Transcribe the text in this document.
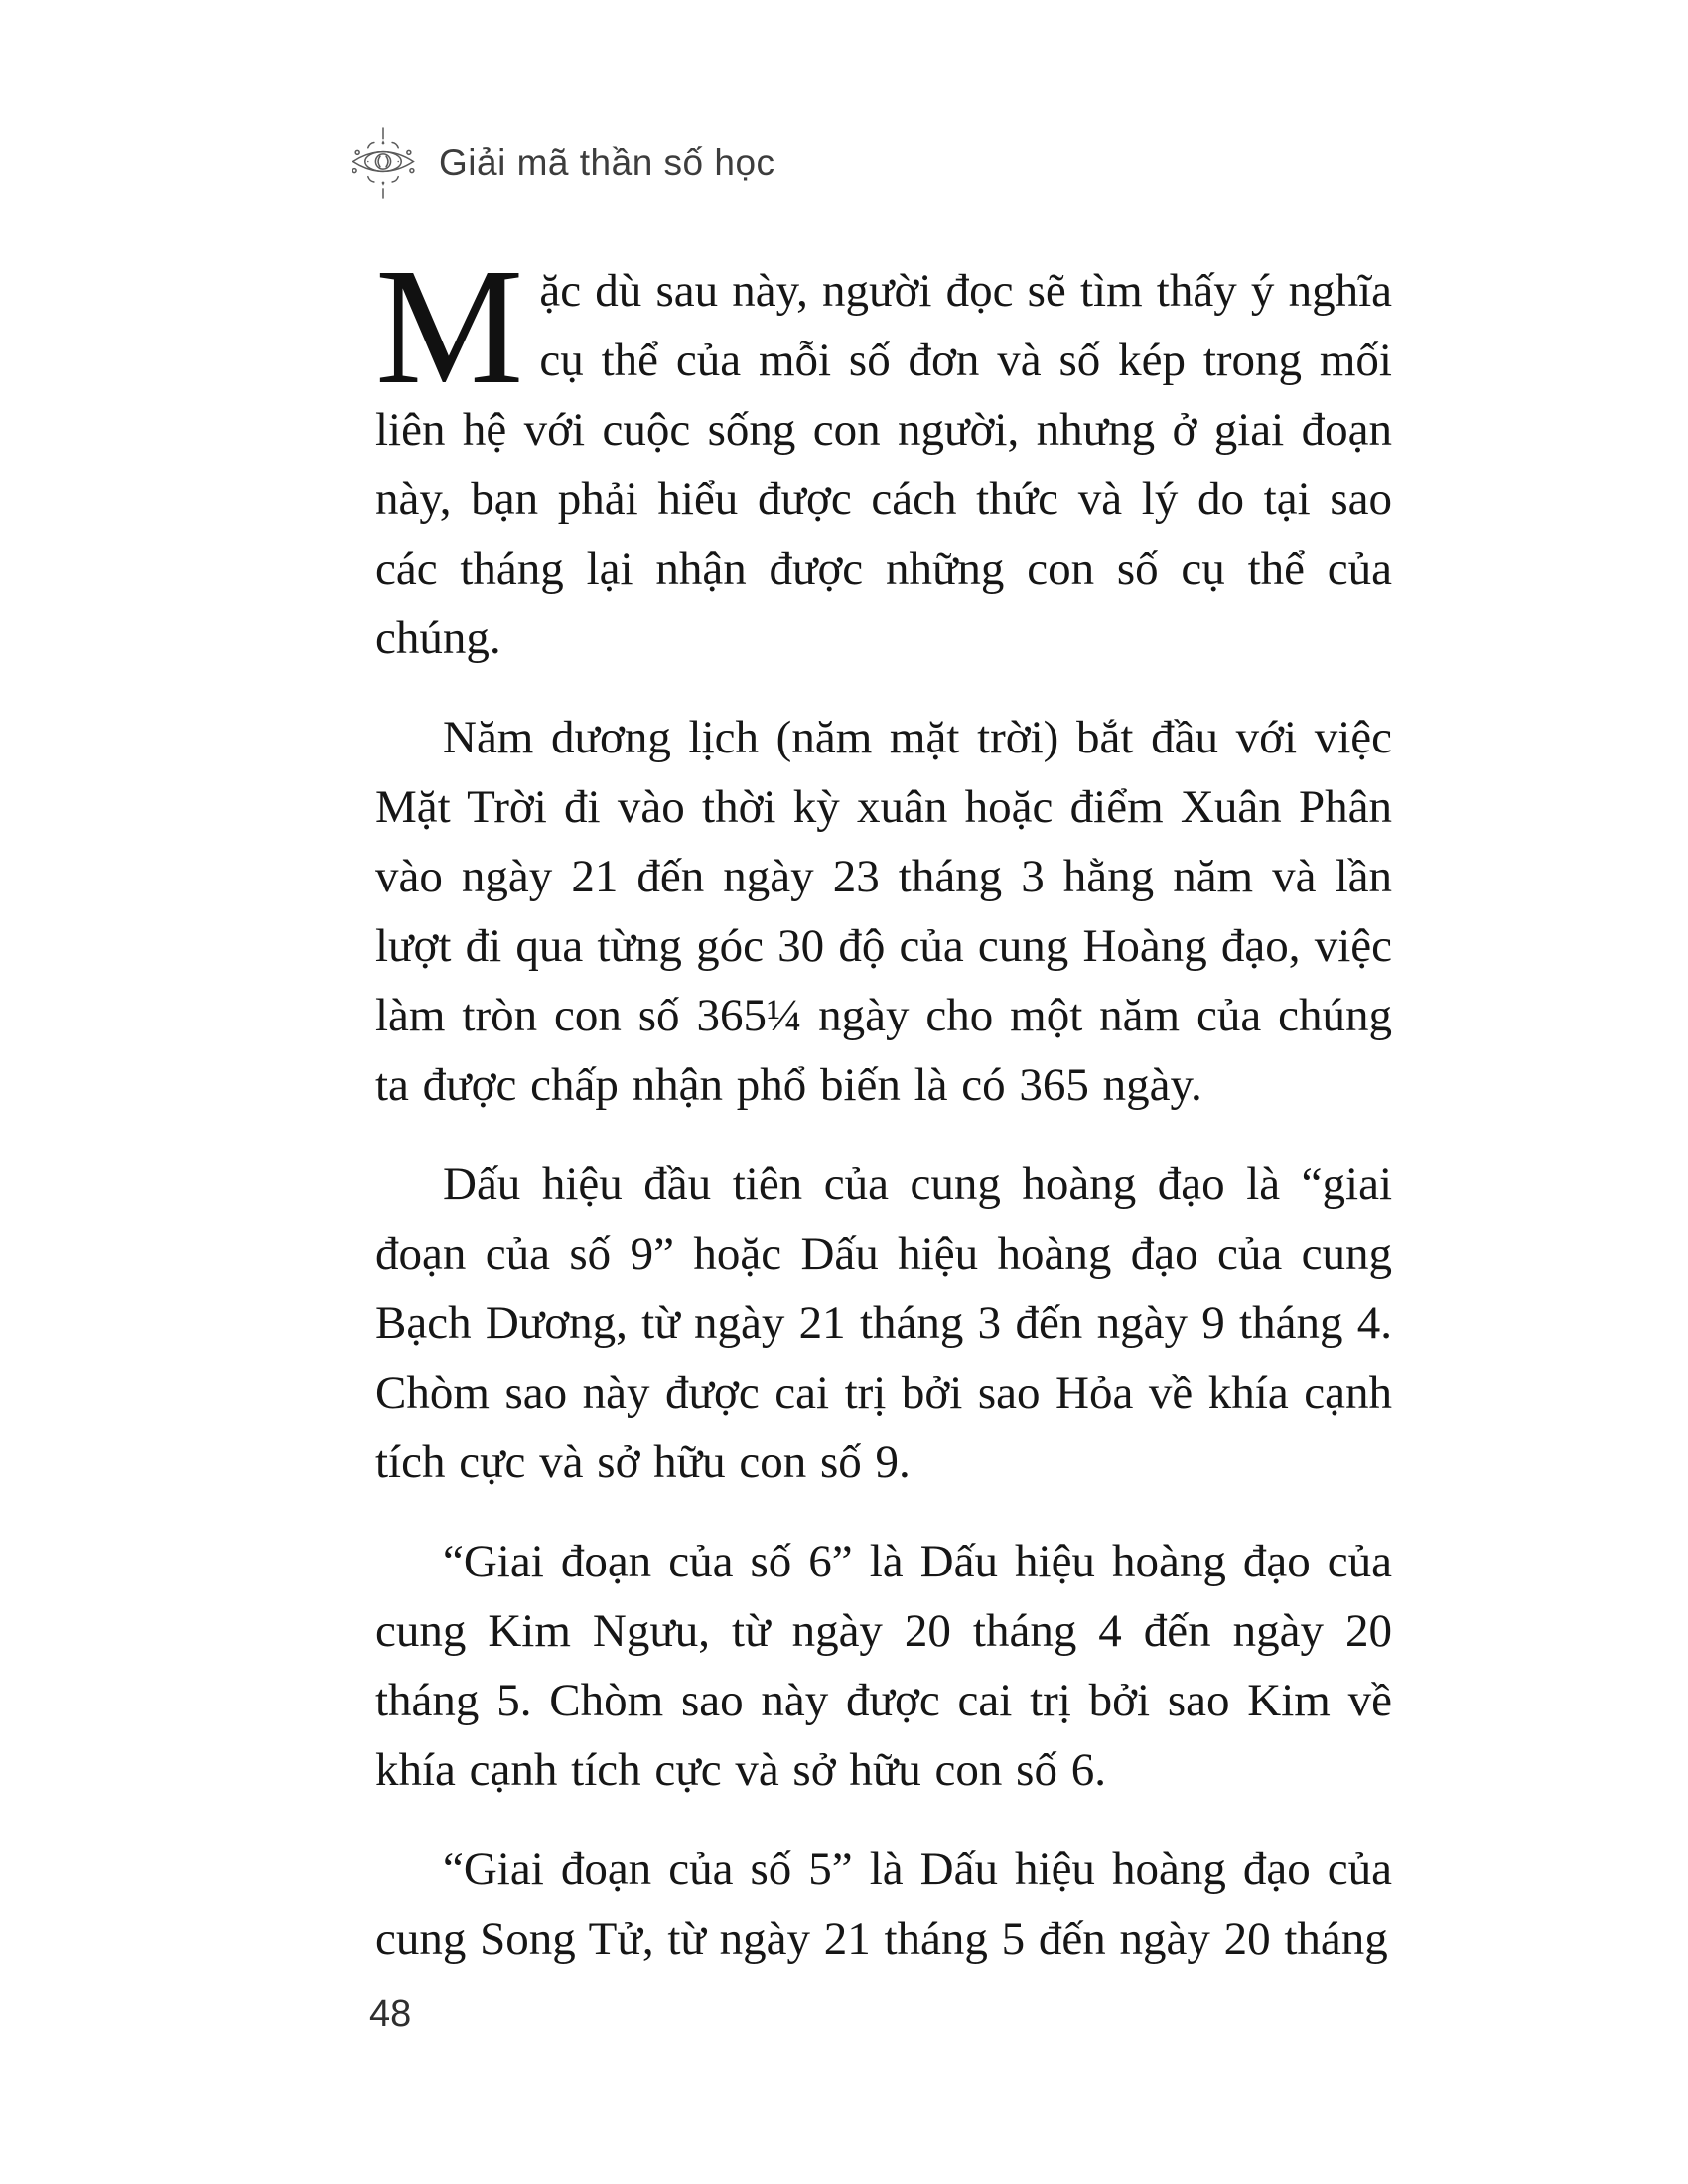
Giải mã thần số học

Mặc dù sau này, người đọc sẽ tìm thấy ý nghĩa cụ thể của mỗi số đơn và số kép trong mối liên hệ với cuộc sống con người, nhưng ở giai đoạn này, bạn phải hiểu được cách thức và lý do tại sao các tháng lại nhận được những con số cụ thể của chúng.

Năm dương lịch (năm mặt trời) bắt đầu với việc Mặt Trời đi vào thời kỳ xuân hoặc điểm Xuân Phân vào ngày 21 đến ngày 23 tháng 3 hằng năm và lần lượt đi qua từng góc 30 độ của cung Hoàng đạo, việc làm tròn con số 365¼ ngày cho một năm của chúng ta được chấp nhận phổ biến là có 365 ngày.

Dấu hiệu đầu tiên của cung hoàng đạo là “giai đoạn của số 9” hoặc Dấu hiệu hoàng đạo của cung Bạch Dương, từ ngày 21 tháng 3 đến ngày 9 tháng 4. Chòm sao này được cai trị bởi sao Hỏa về khía cạnh tích cực và sở hữu con số 9.

“Giai đoạn của số 6” là Dấu hiệu hoàng đạo của cung Kim Ngưu, từ ngày 20 tháng 4 đến ngày 20 tháng 5. Chòm sao này được cai trị bởi sao Kim về khía cạnh tích cực và sở hữu con số 6.

“Giai đoạn của số 5” là Dấu hiệu hoàng đạo của cung Song Tử, từ ngày 21 tháng 5 đến ngày 20 tháng

48
